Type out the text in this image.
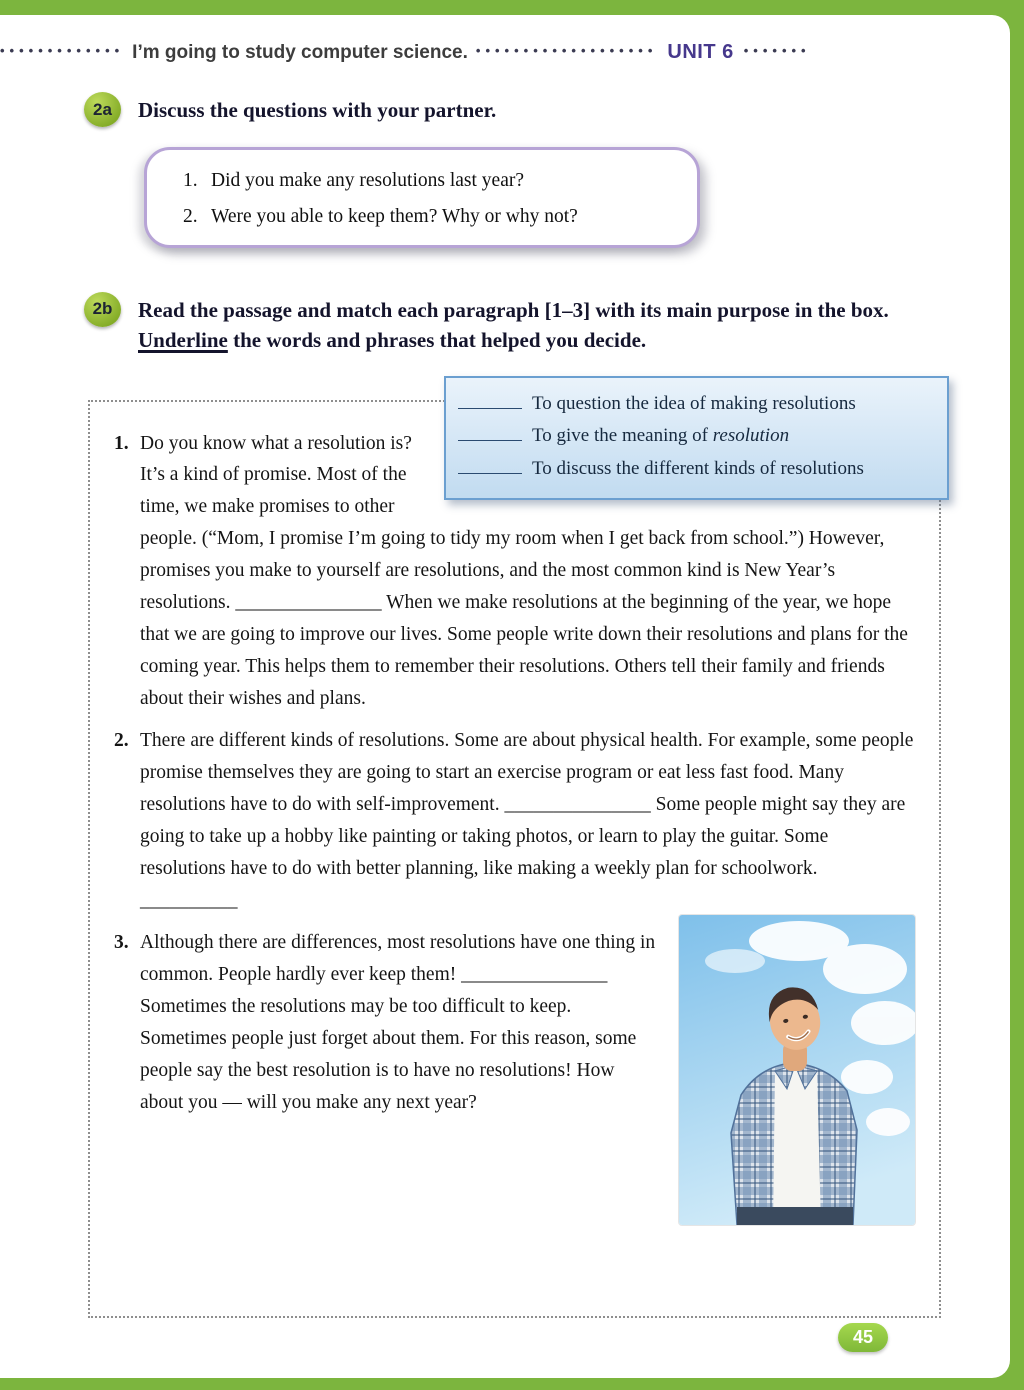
••••••••••••• I’m going to study computer science. ••••••••••••••••••• UNIT 6 •••••••
2a	Discuss the questions with your partner.
1. Did you make any resolutions last year?
2. Were you able to keep them? Why or why not?
2b	Read the passage and match each paragraph [1–3] with its main purpose in the box. Underline the words and phrases that helped you decide.
To question the idea of making resolutions
To give the meaning of resolution
To discuss the different kinds of resolutions
1. Do you know what a resolution is? It’s a kind of promise. Most of the time, we make promises to other people. (“Mom, I promise I’m going to tidy my room when I get back from school.”) However, promises you make to yourself are resolutions, and the most common kind is New Year’s resolutions. _______________ When we make resolutions at the beginning of the year, we hope that we are going to improve our lives. Some people write down their resolutions and plans for the coming year. This helps them to remember their resolutions. Others tell their family and friends about their wishes and plans.
2. There are different kinds of resolutions. Some are about physical health. For example, some people promise themselves they are going to start an exercise program or eat less fast food. Many resolutions have to do with self-improvement. _______________ Some people might say they are going to take up a hobby like painting or taking photos, or learn to play the guitar. Some resolutions have to do with better planning, like making a weekly plan for schoolwork. __________
3. Although there are differences, most resolutions have one thing in common. People hardly ever keep them! _______________ Sometimes the resolutions may be too difficult to keep. Sometimes people just forget about them. For this reason, some people say the best resolution is to have no resolutions! How about you — will you make any next year?
45
